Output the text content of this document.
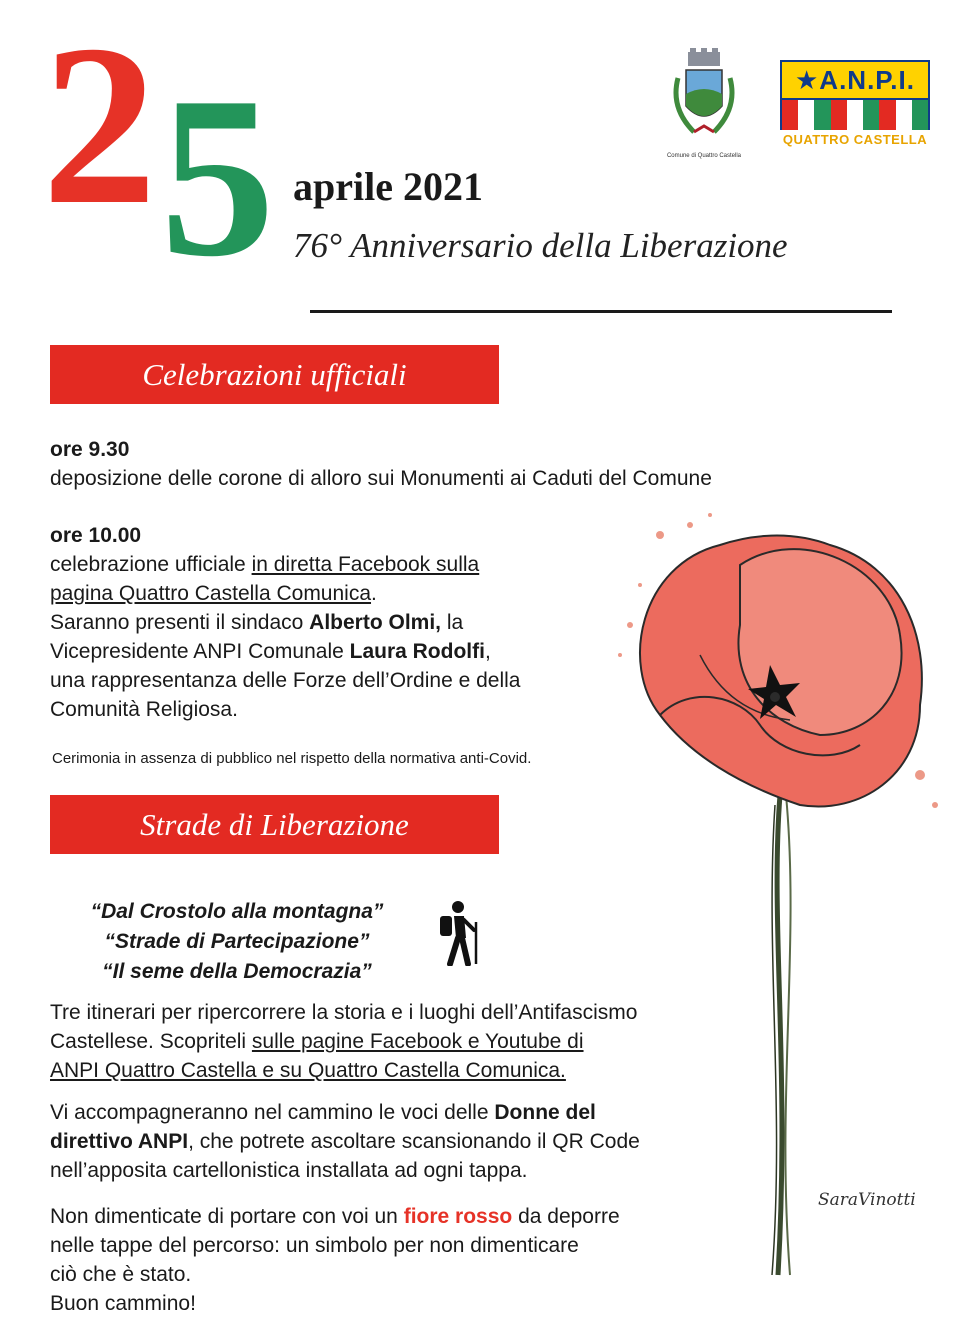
2 5 aprile 2021
76° Anniversario della Liberazione
Comune di Quattro Castella
★A.N.P.I.
QUATTRO CASTELLA
Celebrazioni ufficiali
ore 9.30
deposizione delle corone di alloro sui Monumenti ai Caduti del Comune
ore 10.00
celebrazione ufficiale in diretta Facebook sulla
pagina Quattro Castella Comunica.
Saranno presenti il sindaco Alberto Olmi, la
Vicepresidente ANPI Comunale Laura Rodolfi,
una rappresentanza delle Forze dell’Ordine e della
Comunità Religiosa.
Cerimonia in assenza di pubblico nel rispetto della normativa anti-Covid.
Strade di Liberazione
“Dal Crostolo alla montagna”
“Strade di Partecipazione”
“Il seme della Democrazia”
Tre itinerari per ripercorrere la storia e i luoghi dell’Antifascismo
Castellese. Scopriteli sulle pagine Facebook e Youtube di
ANPI Quattro Castella e su Quattro Castella Comunica.
Vi accompagneranno nel cammino le voci delle Donne del
direttivo ANPI, che potrete ascoltare scansionando il QR Code
nell’apposita cartellonistica installata ad ogni tappa.
Non dimenticate di portare con voi un fiore rosso da deporre
nelle tappe del percorso: un simbolo per non dimenticare
ciò che è stato.
Buon cammino!
SaraVinotti
